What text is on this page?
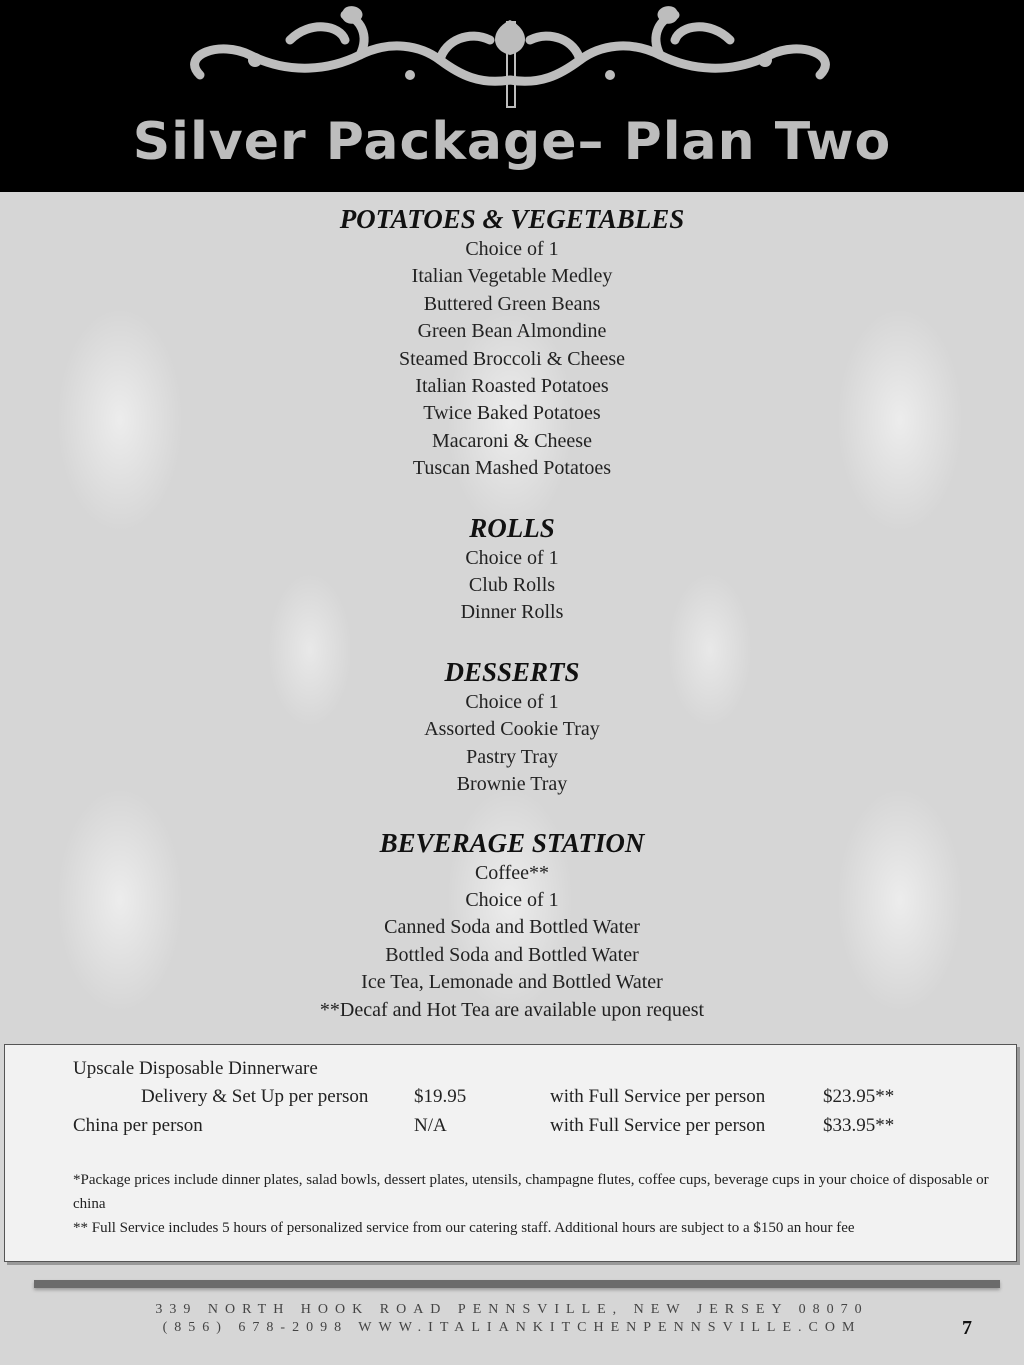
Silver Package– Plan Two
POTATOES & VEGETABLES
Choice of 1
Italian Vegetable Medley
Buttered Green Beans
Green Bean Almondine
Steamed Broccoli & Cheese
Italian Roasted Potatoes
Twice Baked Potatoes
Macaroni & Cheese
Tuscan Mashed Potatoes
ROLLS
Choice of 1
Club Rolls
Dinner Rolls
DESSERTS
Choice of 1
Assorted Cookie Tray
Pastry Tray
Brownie Tray
BEVERAGE STATION
Coffee**
Choice of 1
Canned Soda and Bottled Water
Bottled Soda and Bottled Water
Ice Tea, Lemonade and Bottled Water
**Decaf and Hot Tea are available upon request
Upscale Disposable Dinnerware
Delivery & Set Up per person $19.95	with Full Service per person	$23.95**
China per person	N/A	with Full Service per person	$33.95**
*Package prices include dinner plates, salad bowls, dessert plates, utensils, champagne flutes, coffee cups, beverage cups in your choice of disposable or china
** Full Service includes 5 hours of personalized service from our catering staff. Additional hours are subject to a $150 an hour fee
339 NORTH HOOK ROAD PENNSVILLE, NEW JERSEY 08070
(856) 678-2098 WWW.ITALIANKITCHENPENNSVILLE.COM	7
